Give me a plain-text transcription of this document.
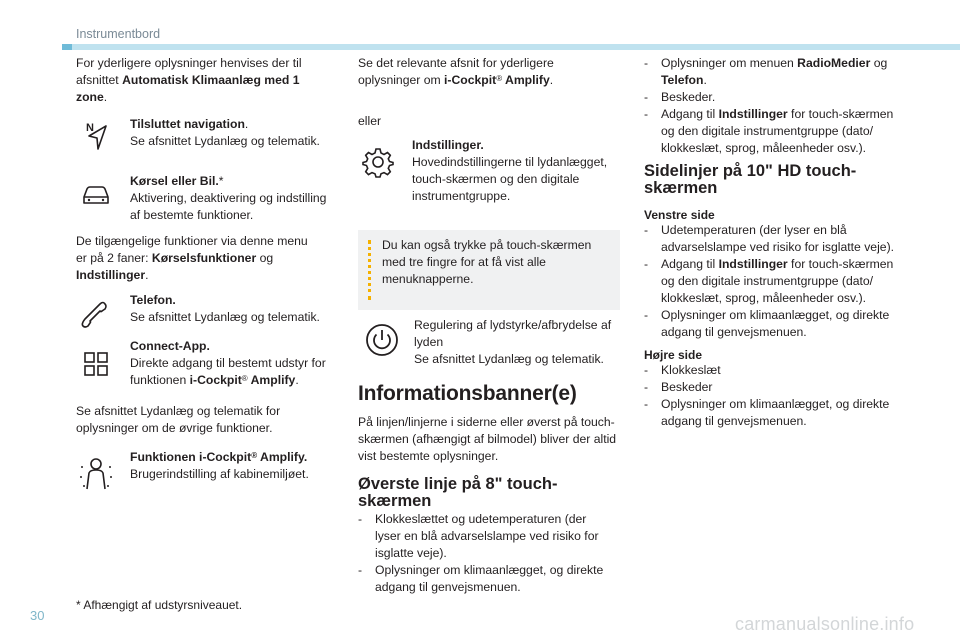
Instrumentbord

For yderligere oplysninger henvises der til afsnittet Automatisk Klimaanlæg med 1 zone.

N	Tilsluttet navigation.
Se afsnittet Lydanlæg og telematik.
Kørsel eller Bil.*
Aktivering, deaktivering og indstilling af bestemte funktioner.

De tilgængelige funktioner via denne menu er på 2 faner: Kørselsfunktioner og Indstillinger.

Telefon.
Se afsnittet Lydanlæg og telematik.
Connect-App.
Direkte adgang til bestemt udstyr for funktionen i-Cockpit® Amplify.

Se afsnittet Lydanlæg og telematik for oplysninger om de øvrige funktioner.

Funktionen i-Cockpit® Amplify.
Brugerindstilling af kabinemiljøet.
* Afhængigt af udstyrsniveauet.

Se det relevante afsnit for yderligere oplysninger om i-Cockpit® Amplify.

eller

Indstillinger.
Hovedindstillingerne til lydanlægget, touch-skærmen og den digitale instrumentgruppe.
Du kan også trykke på touch-skærmen med tre fingre for at få vist alle menuknapperne.
Regulering af lydstyrke/afbrydelse af lyden
Se afsnittet Lydanlæg og telematik.
Informationsbanner(e)

På linjen/linjerne i siderne eller øverst på touch-skærmen (afhængigt af bilmodel) bliver der altid vist bestemte oplysninger.

Øverste linje på 8" touch-skærmen
- Klokkeslættet og udetemperaturen (der lyser en blå advarselslampe ved risiko for isglatte veje).
- Oplysninger om klimaanlægget, og direkte adgang til genvejsmenuen.
- Oplysninger om menuen RadioMedier og Telefon.
- Beskeder.
- Adgang til Indstillinger for touch-skærmen og den digitale instrumentgruppe (dato/ klokkeslæt, sprog, måleenheder osv.).
Sidelinjer på 10" HD touch-skærmen
Venstre side
- Udetemperaturen (der lyser en blå advarselslampe ved risiko for isglatte veje).
- Adgang til Indstillinger for touch-skærmen og den digitale instrumentgruppe (dato/ klokkeslæt, sprog, måleenheder osv.).
- Oplysninger om klimaanlægget, og direkte adgang til genvejsmenuen.
Højre side
- Klokkeslæt
- Beskeder
- Oplysninger om klimaanlægget, og direkte adgang til genvejsmenuen.
30	carmanualsonline.info
